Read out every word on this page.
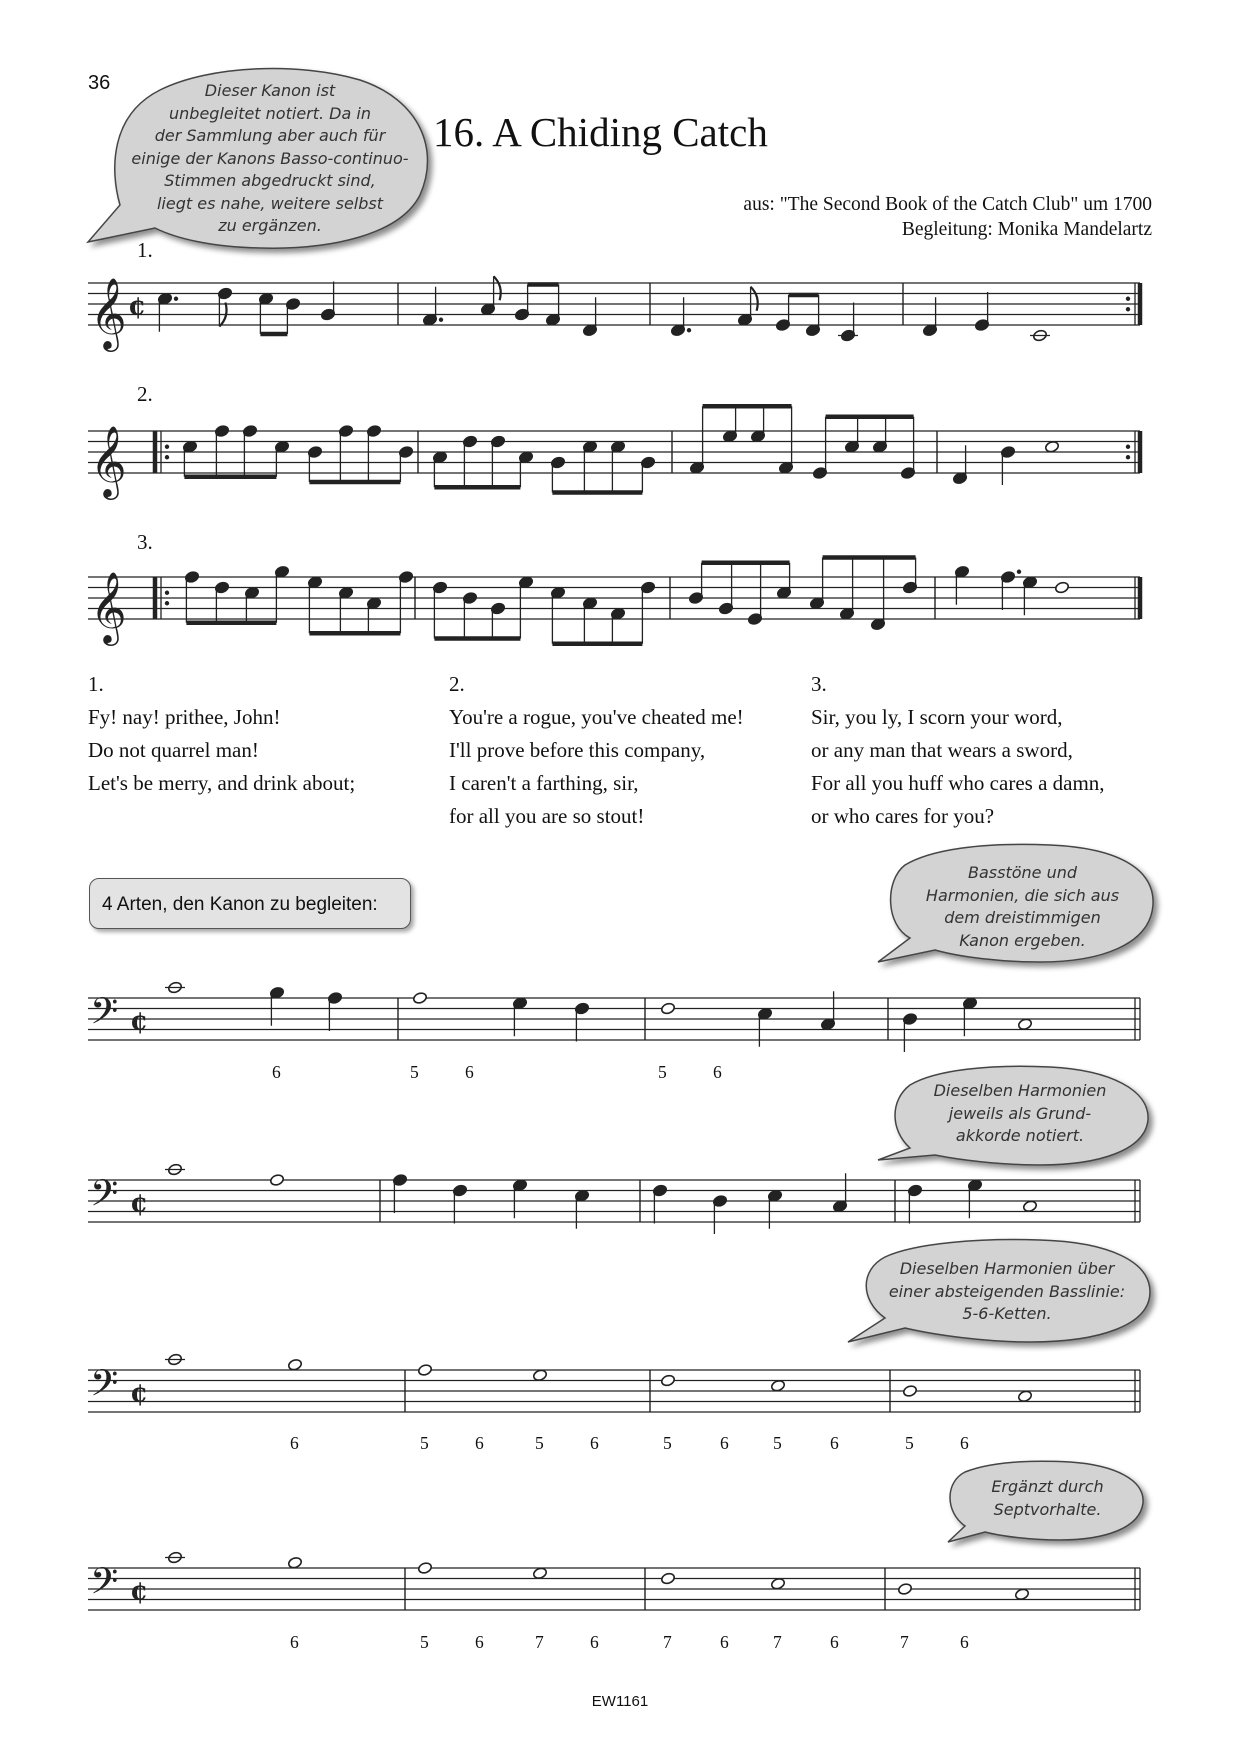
36
16. A Chiding Catch
aus: "The Second Book of the Catch Club" um 1700
Begleitung: Monika Mandelartz
Dieser Kanon ist
unbegleitet notiert. Da in
der Sammlung aber auch für
einige der Kanons Basso-continuo-
Stimmen abgedruckt sind,
liegt es nahe, weitere selbst
zu ergänzen.
Basstöne und
Harmonien, die sich aus
dem dreistimmigen
Kanon ergeben.
Dieselben Harmonien
jeweils als Grund-
akkorde notiert.
Dieselben Harmonien über
einer absteigenden Basslinie:
5-6-Ketten.
Ergänzt durch
Septvorhalte.
1.
2.
3.
𝄞 ¢
𝄞
𝄞
𝄢 ¢
𝄢 ¢
𝄢 ¢
𝄢 ¢
1.
Fy! nay! prithee, John!
Do not quarrel man!
Let's be merry, and drink about;
2.
You're a rogue, you've cheated me!
I'll prove before this company,
I caren't a farthing, sir,
for all you are so stout!
3.
Sir, you ly, I scorn your word,
or any man that wears a sword,
For all you huff who cares a damn,
or who cares for you?
4 Arten, den Kanon zu begleiten:
6	5	6	5	6
6	5	6	5	6	5	6	5	6	5	6
6	5	6	7	6	7	6	7	6	7	6
EW1161
